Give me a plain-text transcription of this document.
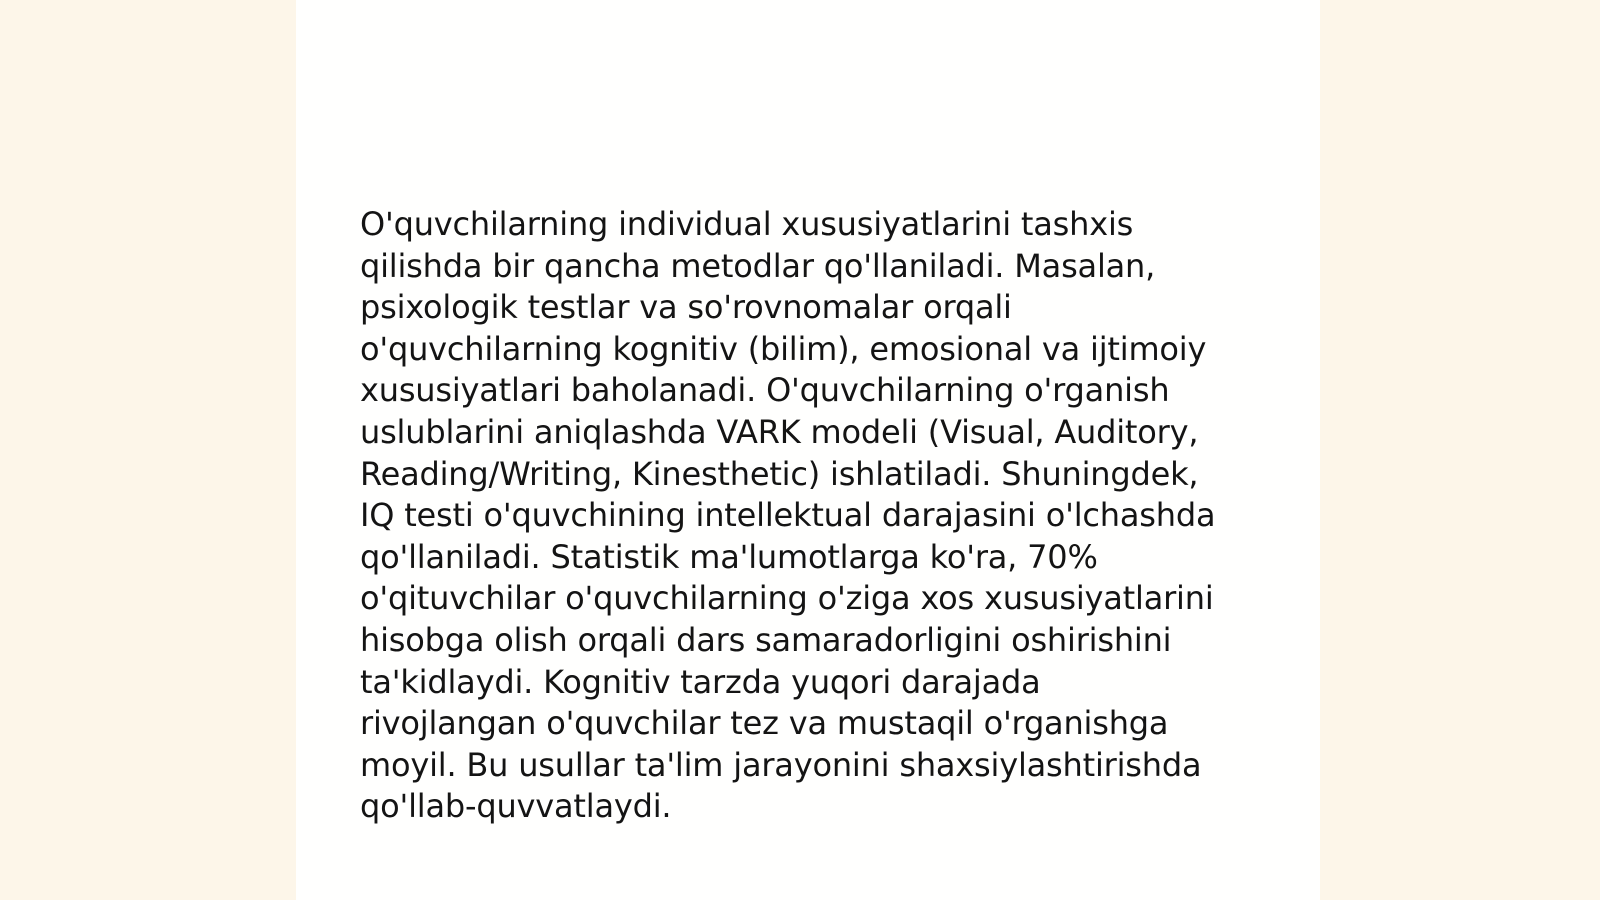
O'quvchilarning individual xususiyatlarini tashxis
qilishda bir qancha metodlar qo'llaniladi. Masalan,
psixologik testlar va so'rovnomalar orqali
o'quvchilarning kognitiv (bilim), emosional va ijtimoiy
xususiyatlari baholanadi. O'quvchilarning o'rganish
uslublarini aniqlashda VARK modeli (Visual, Auditory,
Reading/Writing, Kinesthetic) ishlatiladi. Shuningdek,
IQ testi o'quvchining intellektual darajasini o'lchashda
qo'llaniladi. Statistik ma'lumotlarga ko'ra, 70%
o'qituvchilar o'quvchilarning o'ziga xos xususiyatlarini
hisobga olish orqali dars samaradorligini oshirishini
ta'kidlaydi. Kognitiv tarzda yuqori darajada
rivojlangan o'quvchilar tez va mustaqil o'rganishga
moyil. Bu usullar ta'lim jarayonini shaxsiylashtirishda
qo'llab-quvvatlaydi.
